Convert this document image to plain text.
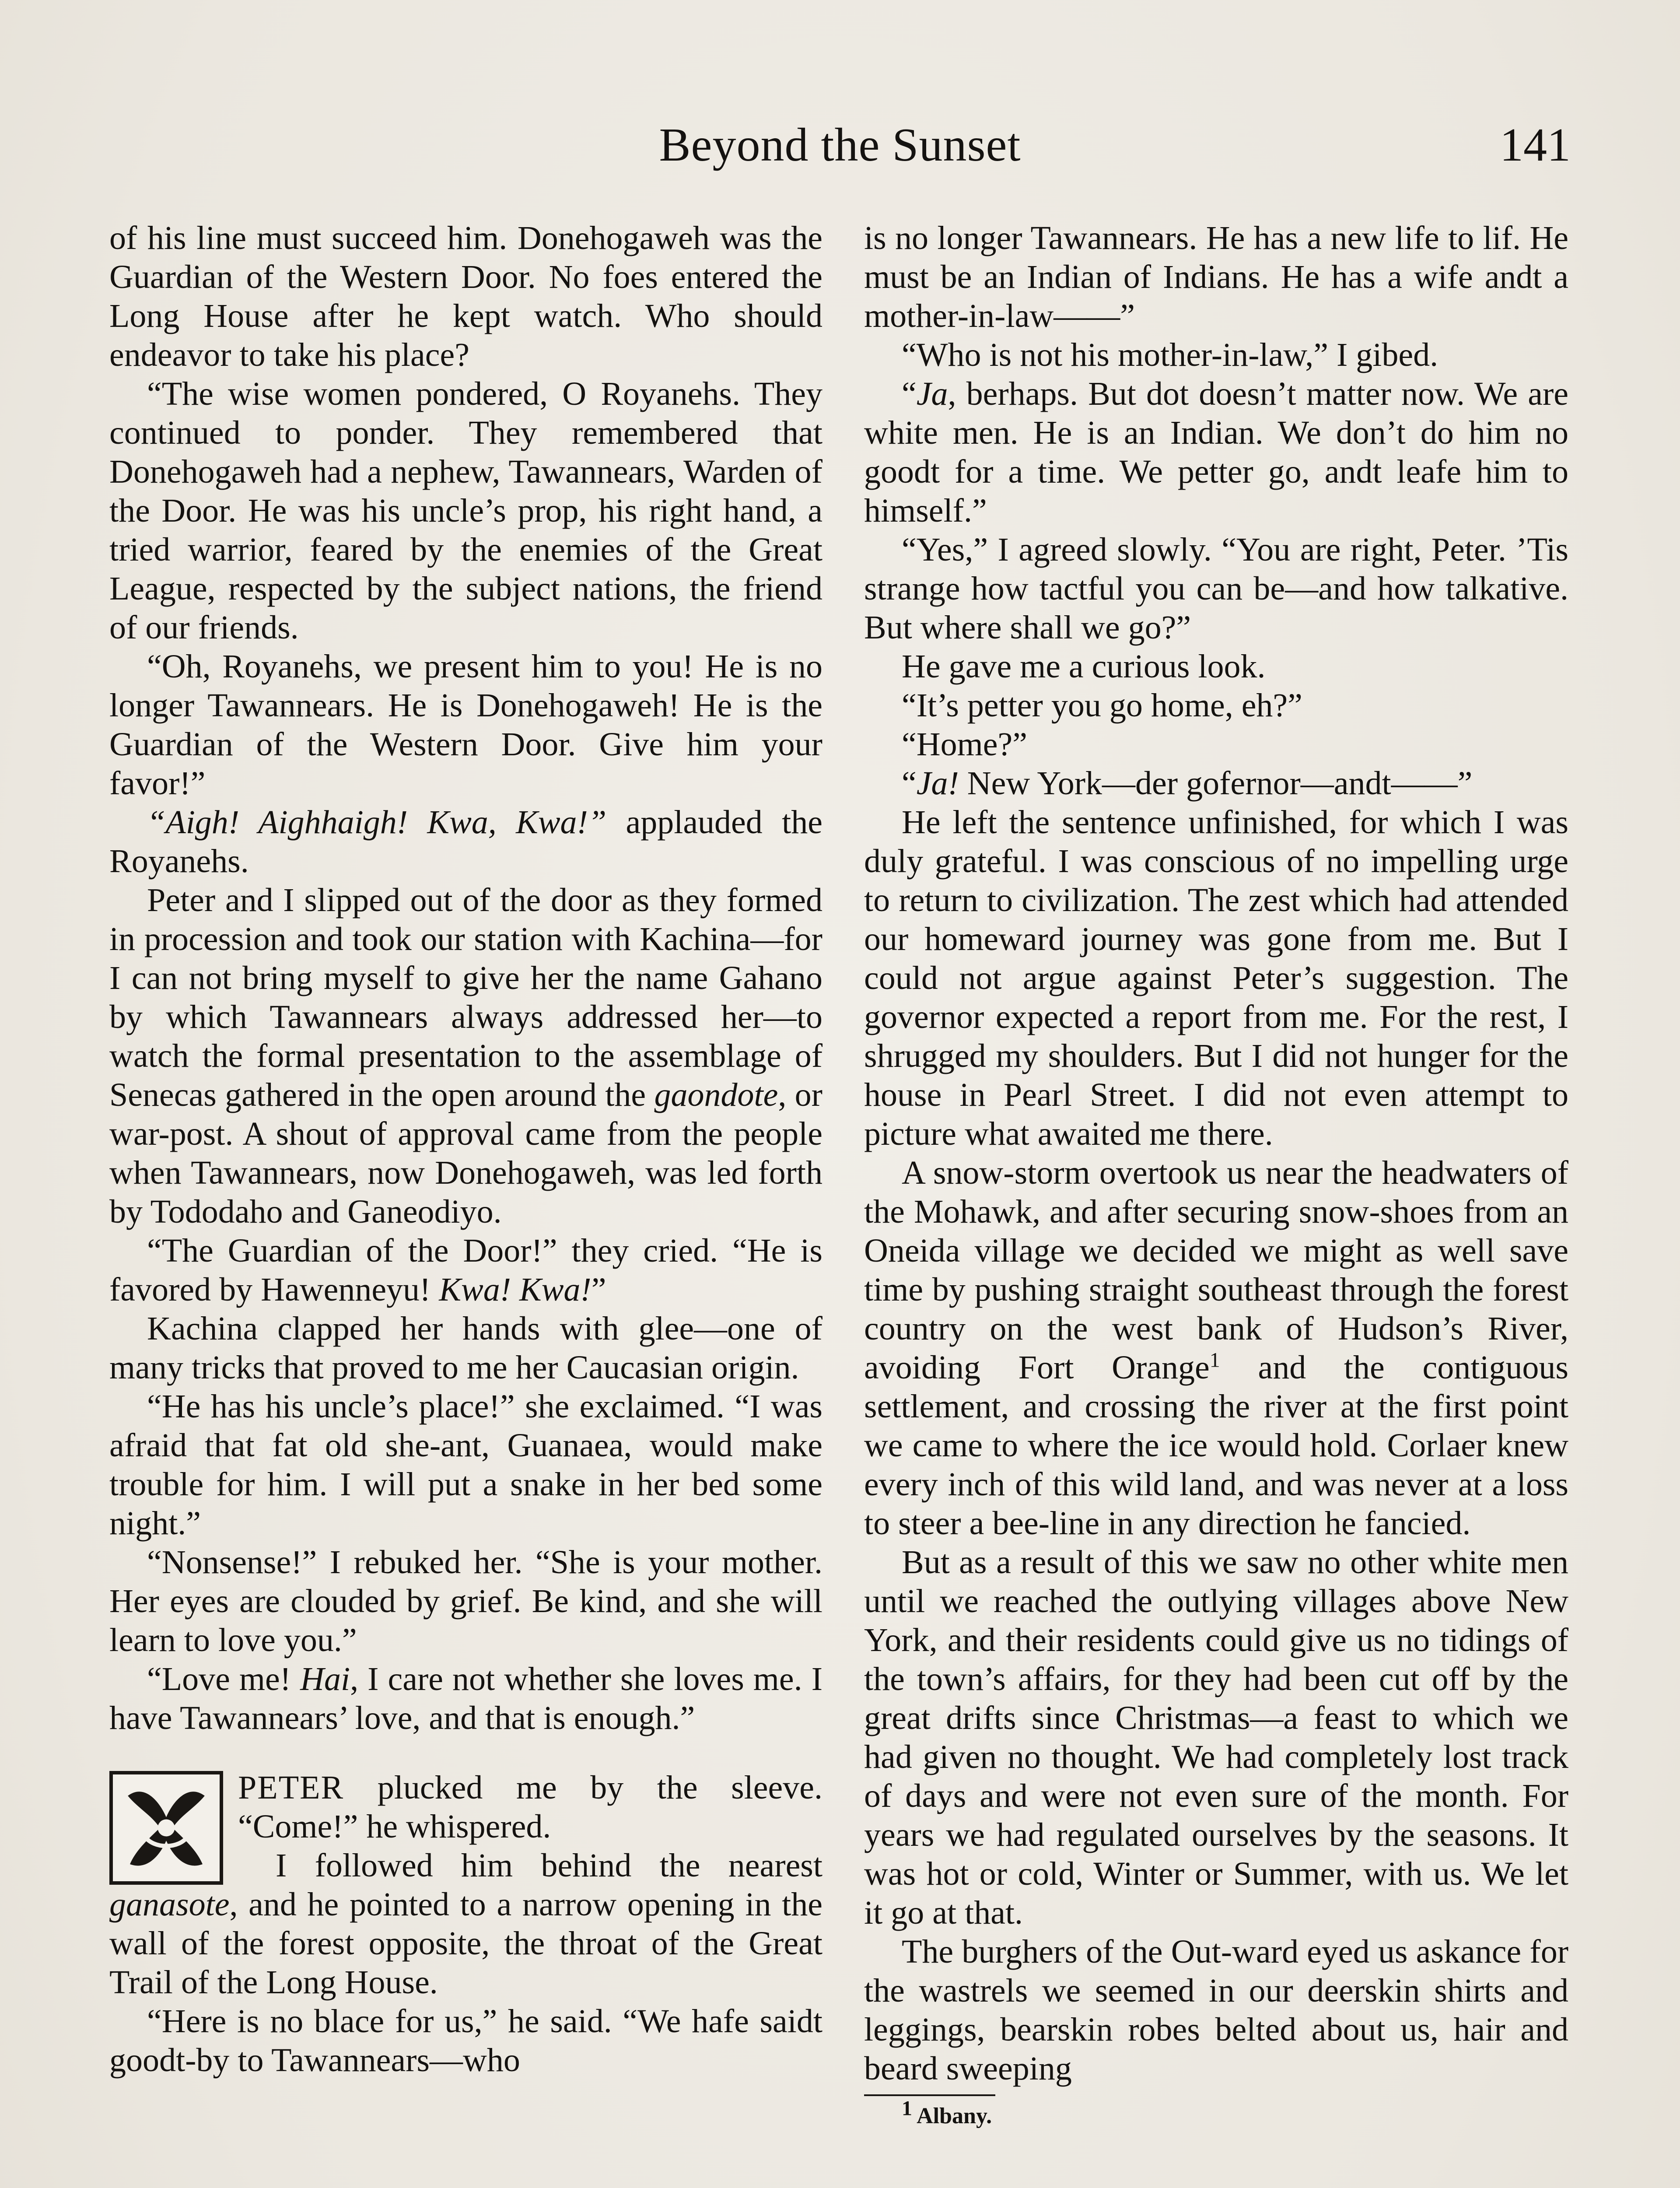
Beyond the Sunset	141

of his line must succeed him. Donehogaweh was the Guardian of the Western Door. No foes entered the Long House after he kept watch. Who should endeavor to take his place?

“The wise women pondered, O Royanehs. They continued to ponder. They remembered that Donehogaweh had a nephew, Tawannears, Warden of the Door. He was his uncle’s prop, his right hand, a tried warrior, feared by the enemies of the Great League, respected by the subject nations, the friend of our friends.

“Oh, Royanehs, we present him to you! He is no longer Tawannears. He is Donehogaweh! He is the Guardian of the Western Door. Give him your favor!”

“Aigh! Aighhaigh! Kwa, Kwa!” applauded the Royanehs.

Peter and I slipped out of the door as they formed in procession and took our station with Kachina—for I can not bring myself to give her the name Gahano by which Tawannears always addressed her—to watch the formal presentation to the assemblage of Senecas gathered in the open around the gaondote, or war-post. A shout of approval came from the people when Tawannears, now Donehogaweh, was led forth by Tododaho and Ganeodiyo.

“The Guardian of the Door!” they cried. “He is favored by Hawenneyu! Kwa! Kwa!”

Kachina clapped her hands with glee—one of many tricks that proved to me her Caucasian origin.

“He has his uncle’s place!” she exclaimed. “I was afraid that fat old she-ant, Guanaea, would make trouble for him. I will put a snake in her bed some night.”

“Nonsense!” I rebuked her. “She is your mother. Her eyes are clouded by grief. Be kind, and she will learn to love you.”

“Love me! Hai, I care not whether she loves me. I have Tawannears’ love, and that is enough.”

PETER plucked me by the sleeve. “Come!” he whispered.

I followed him behind the nearest ganasote, and he pointed to a narrow opening in the wall of the forest opposite, the throat of the Great Trail of the Long House.

“Here is no blace for us,” he said. “We hafe saidt goodt-by to Tawannears—who

is no longer Tawannears. He has a new life to lif. He must be an Indian of Indians. He has a wife andt a mother-in-law——”

“Who is not his mother-in-law,” I gibed.

“Ja, berhaps. But dot doesn’t matter now. We are white men. He is an Indian. We don’t do him no goodt for a time. We petter go, andt leafe him to himself.”

“Yes,” I agreed slowly. “You are right, Peter. ’Tis strange how tactful you can be—and how talkative. But where shall we go?”

He gave me a curious look.

“It’s petter you go home, eh?”

“Home?”

“Ja! New York—der gofernor—andt——”

He left the sentence unfinished, for which I was duly grateful. I was conscious of no impelling urge to return to civilization. The zest which had attended our homeward journey was gone from me. But I could not argue against Peter’s suggestion. The governor expected a report from me. For the rest, I shrugged my shoulders. But I did not hunger for the house in Pearl Street. I did not even attempt to picture what awaited me there.

A snow-storm overtook us near the headwaters of the Mohawk, and after securing snow-shoes from an Oneida village we decided we might as well save time by pushing straight southeast through the forest country on the west bank of Hudson’s River, avoiding Fort Orange$^1$ and the contiguous settlement, and crossing the river at the first point we came to where the ice would hold. Corlaer knew every inch of this wild land, and was never at a loss to steer a bee-line in any direction he fancied.

But as a result of this we saw no other white men until we reached the outlying villages above New York, and their residents could give us no tidings of the town’s affairs, for they had been cut off by the great drifts since Christmas—a feast to which we had given no thought. We had completely lost track of days and were not even sure of the month. For years we had regulated ourselves by the seasons. It was hot or cold, Winter or Summer, with us. We let it go at that.

The burghers of the Out-ward eyed us askance for the wastrels we seemed in our deerskin shirts and leggings, bearskin robes belted about us, hair and beard sweeping

$^1$ Albany.
